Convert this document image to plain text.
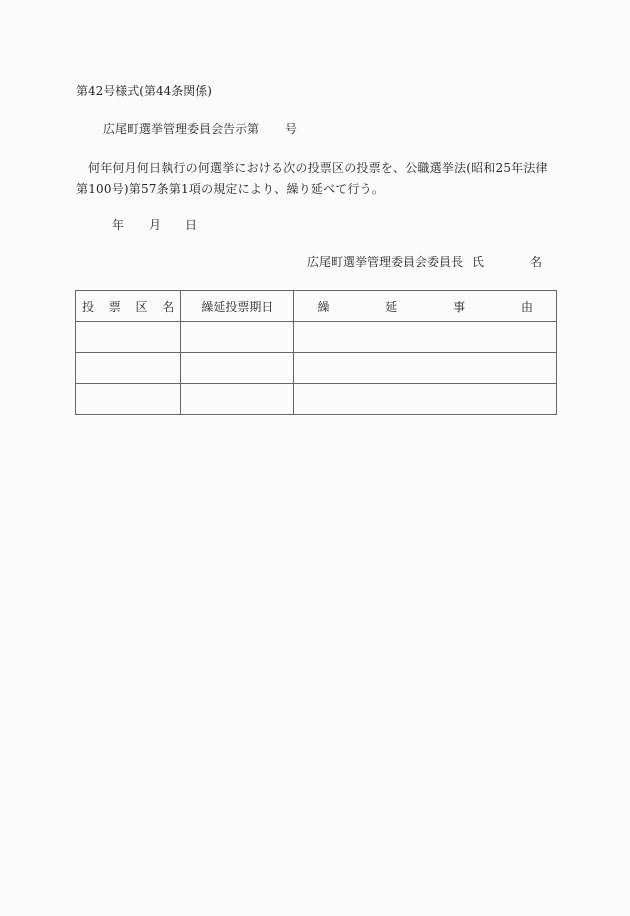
第42号様式(第44条関係)
広尾町選挙管理委員会告示第 号
何年何月何日執行の何選挙における次の投票区の投票を、公職選挙法(昭和25年法律第100号)第57条第1項の規定により、繰り延べて行う。
年 月 日
広尾町選挙管理委員会委員長 氏	名
投 票 区 名	繰延投票期日	繰 延 事 由
